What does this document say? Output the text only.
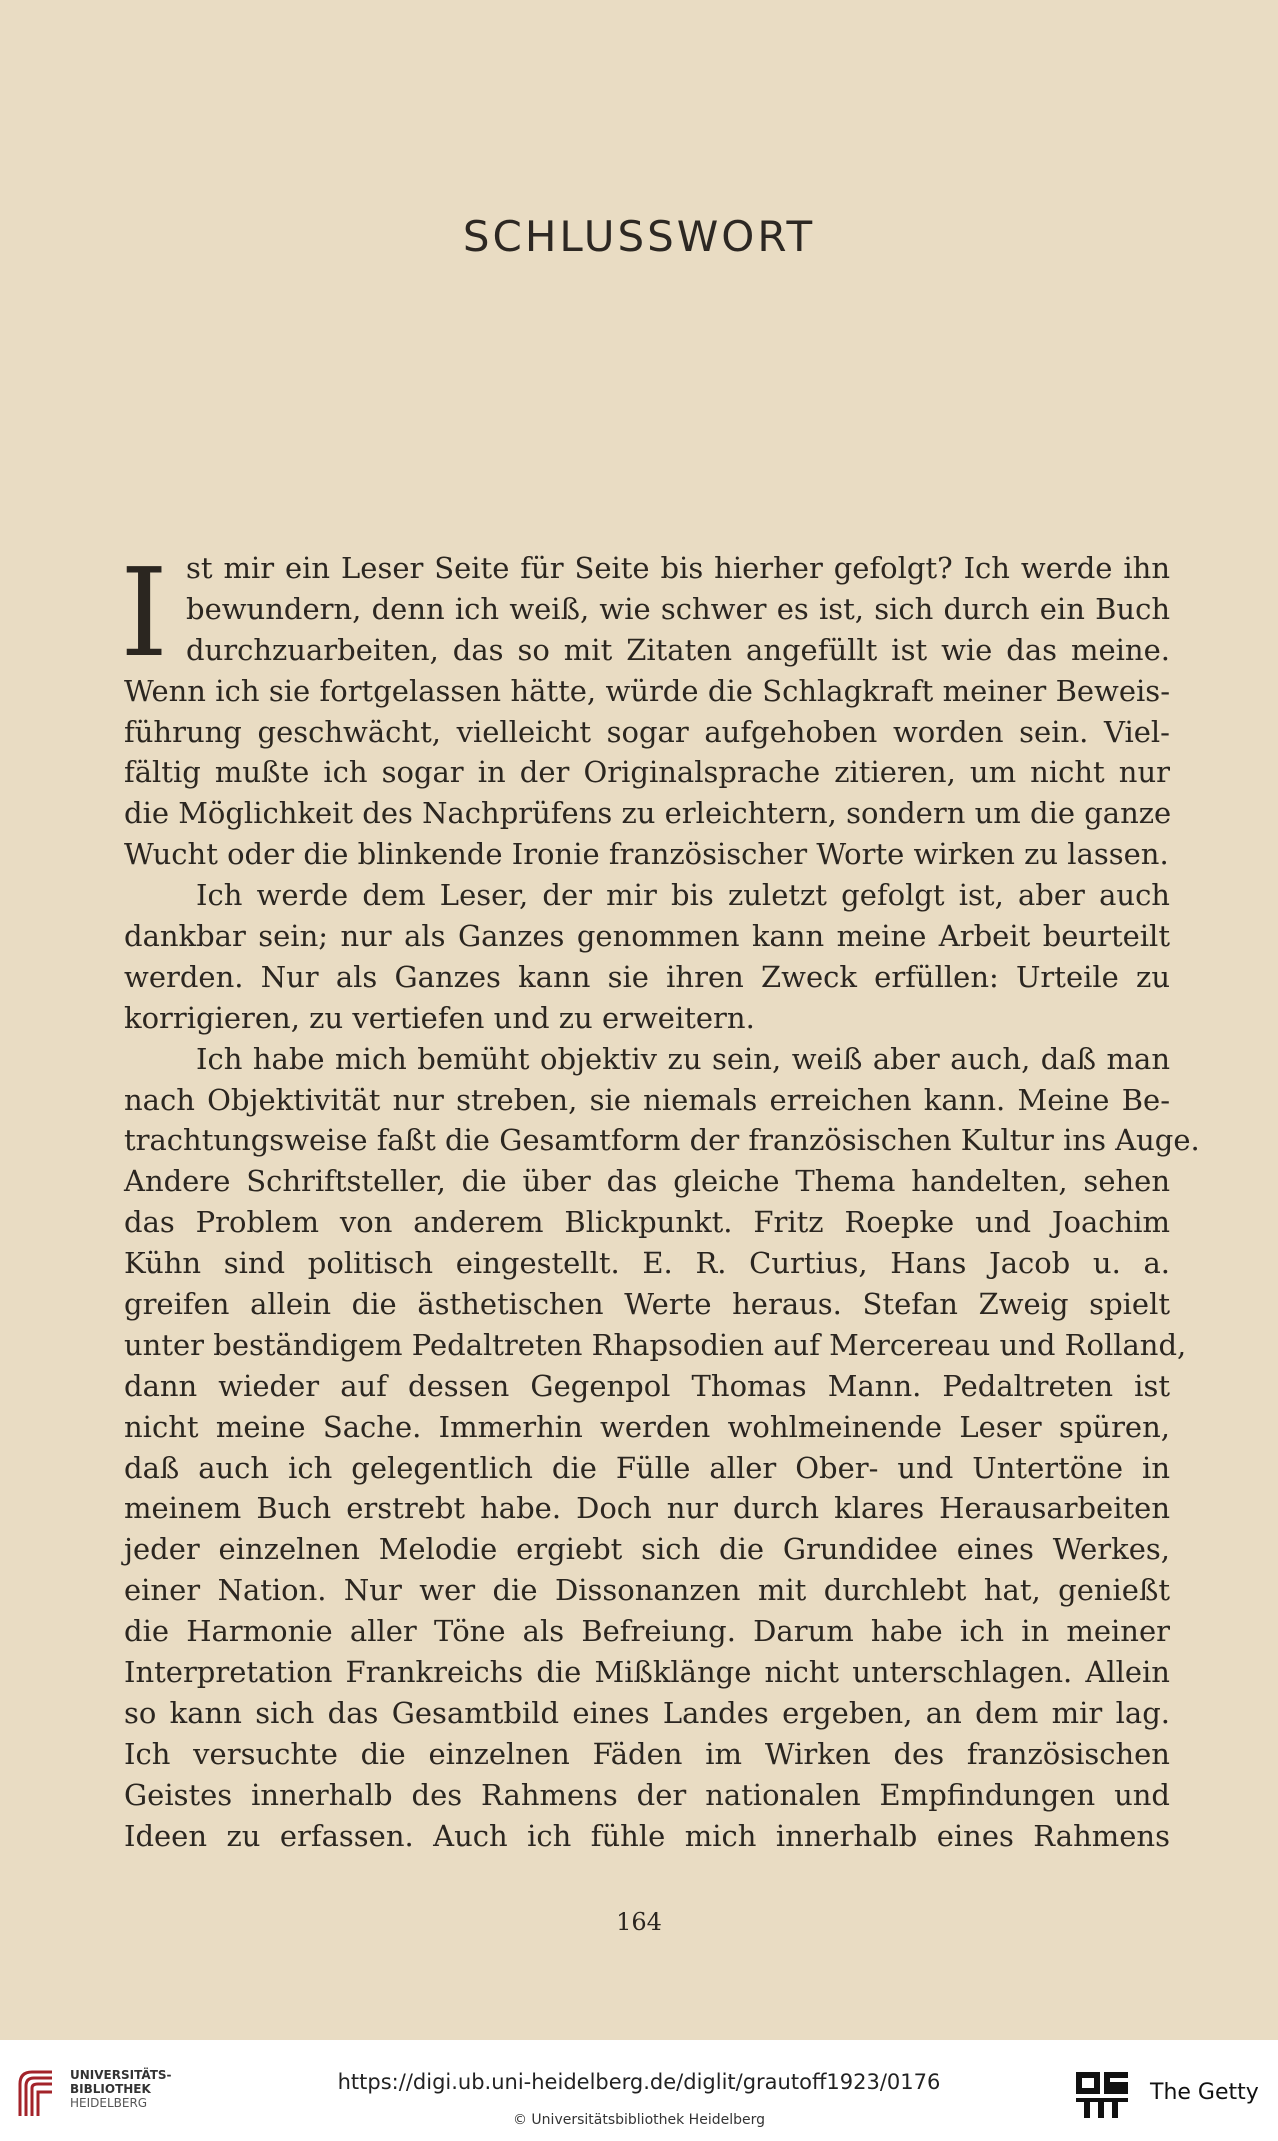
SCHLUSSWORT
I st mir ein Leser Seite für Seite bis hierher gefolgt? Ich werde ihn
bewundern, denn ich weiß, wie schwer es ist, sich durch ein Buch
durchzuarbeiten, das so mit Zitaten angefüllt ist wie das meine.
Wenn ich sie fortgelassen hätte, würde die Schlagkraft meiner Beweis-
führung geschwächt, vielleicht sogar aufgehoben worden sein. Viel-
fältig mußte ich sogar in der Originalsprache zitieren, um nicht nur
die Möglichkeit des Nachprüfens zu erleichtern, sondern um die ganze
Wucht oder die blinkende Ironie französischer Worte wirken zu lassen.
Ich werde dem Leser, der mir bis zuletzt gefolgt ist, aber auch
dankbar sein; nur als Ganzes genommen kann meine Arbeit beurteilt
werden. Nur als Ganzes kann sie ihren Zweck erfüllen: Urteile zu
korrigieren, zu vertiefen und zu erweitern.
Ich habe mich bemüht objektiv zu sein, weiß aber auch, daß man
nach Objektivität nur streben, sie niemals erreichen kann. Meine Be-
trachtungsweise faßt die Gesamtform der französischen Kultur ins Auge.
Andere Schriftsteller, die über das gleiche Thema handelten, sehen
das Problem von anderem Blickpunkt. Fritz Roepke und Joachim
Kühn sind politisch eingestellt. E. R. Curtius, Hans Jacob u. a.
greifen allein die ästhetischen Werte heraus. Stefan Zweig spielt
unter beständigem Pedaltreten Rhapsodien auf Mercereau und Rolland,
dann wieder auf dessen Gegenpol Thomas Mann. Pedaltreten ist
nicht meine Sache. Immerhin werden wohlmeinende Leser spüren,
daß auch ich gelegentlich die Fülle aller Ober- und Untertöne in
meinem Buch erstrebt habe. Doch nur durch klares Herausarbeiten
jeder einzelnen Melodie ergiebt sich die Grundidee eines Werkes,
einer Nation. Nur wer die Dissonanzen mit durchlebt hat, genießt
die Harmonie aller Töne als Befreiung. Darum habe ich in meiner
Interpretation Frankreichs die Mißklänge nicht unterschlagen. Allein
so kann sich das Gesamtbild eines Landes ergeben, an dem mir lag.
Ich versuchte die einzelnen Fäden im Wirken des französischen
Geistes innerhalb des Rahmens der nationalen Empfindungen und
Ideen zu erfassen. Auch ich fühle mich innerhalb eines Rahmens
164
UNIVERSITÄTS-
BIBLIOTHEK
HEIDELBERG
https://digi.ub.uni-heidelberg.de/diglit/grautoff1923/0176
© Universitätsbibliothek Heidelberg
The Getty
